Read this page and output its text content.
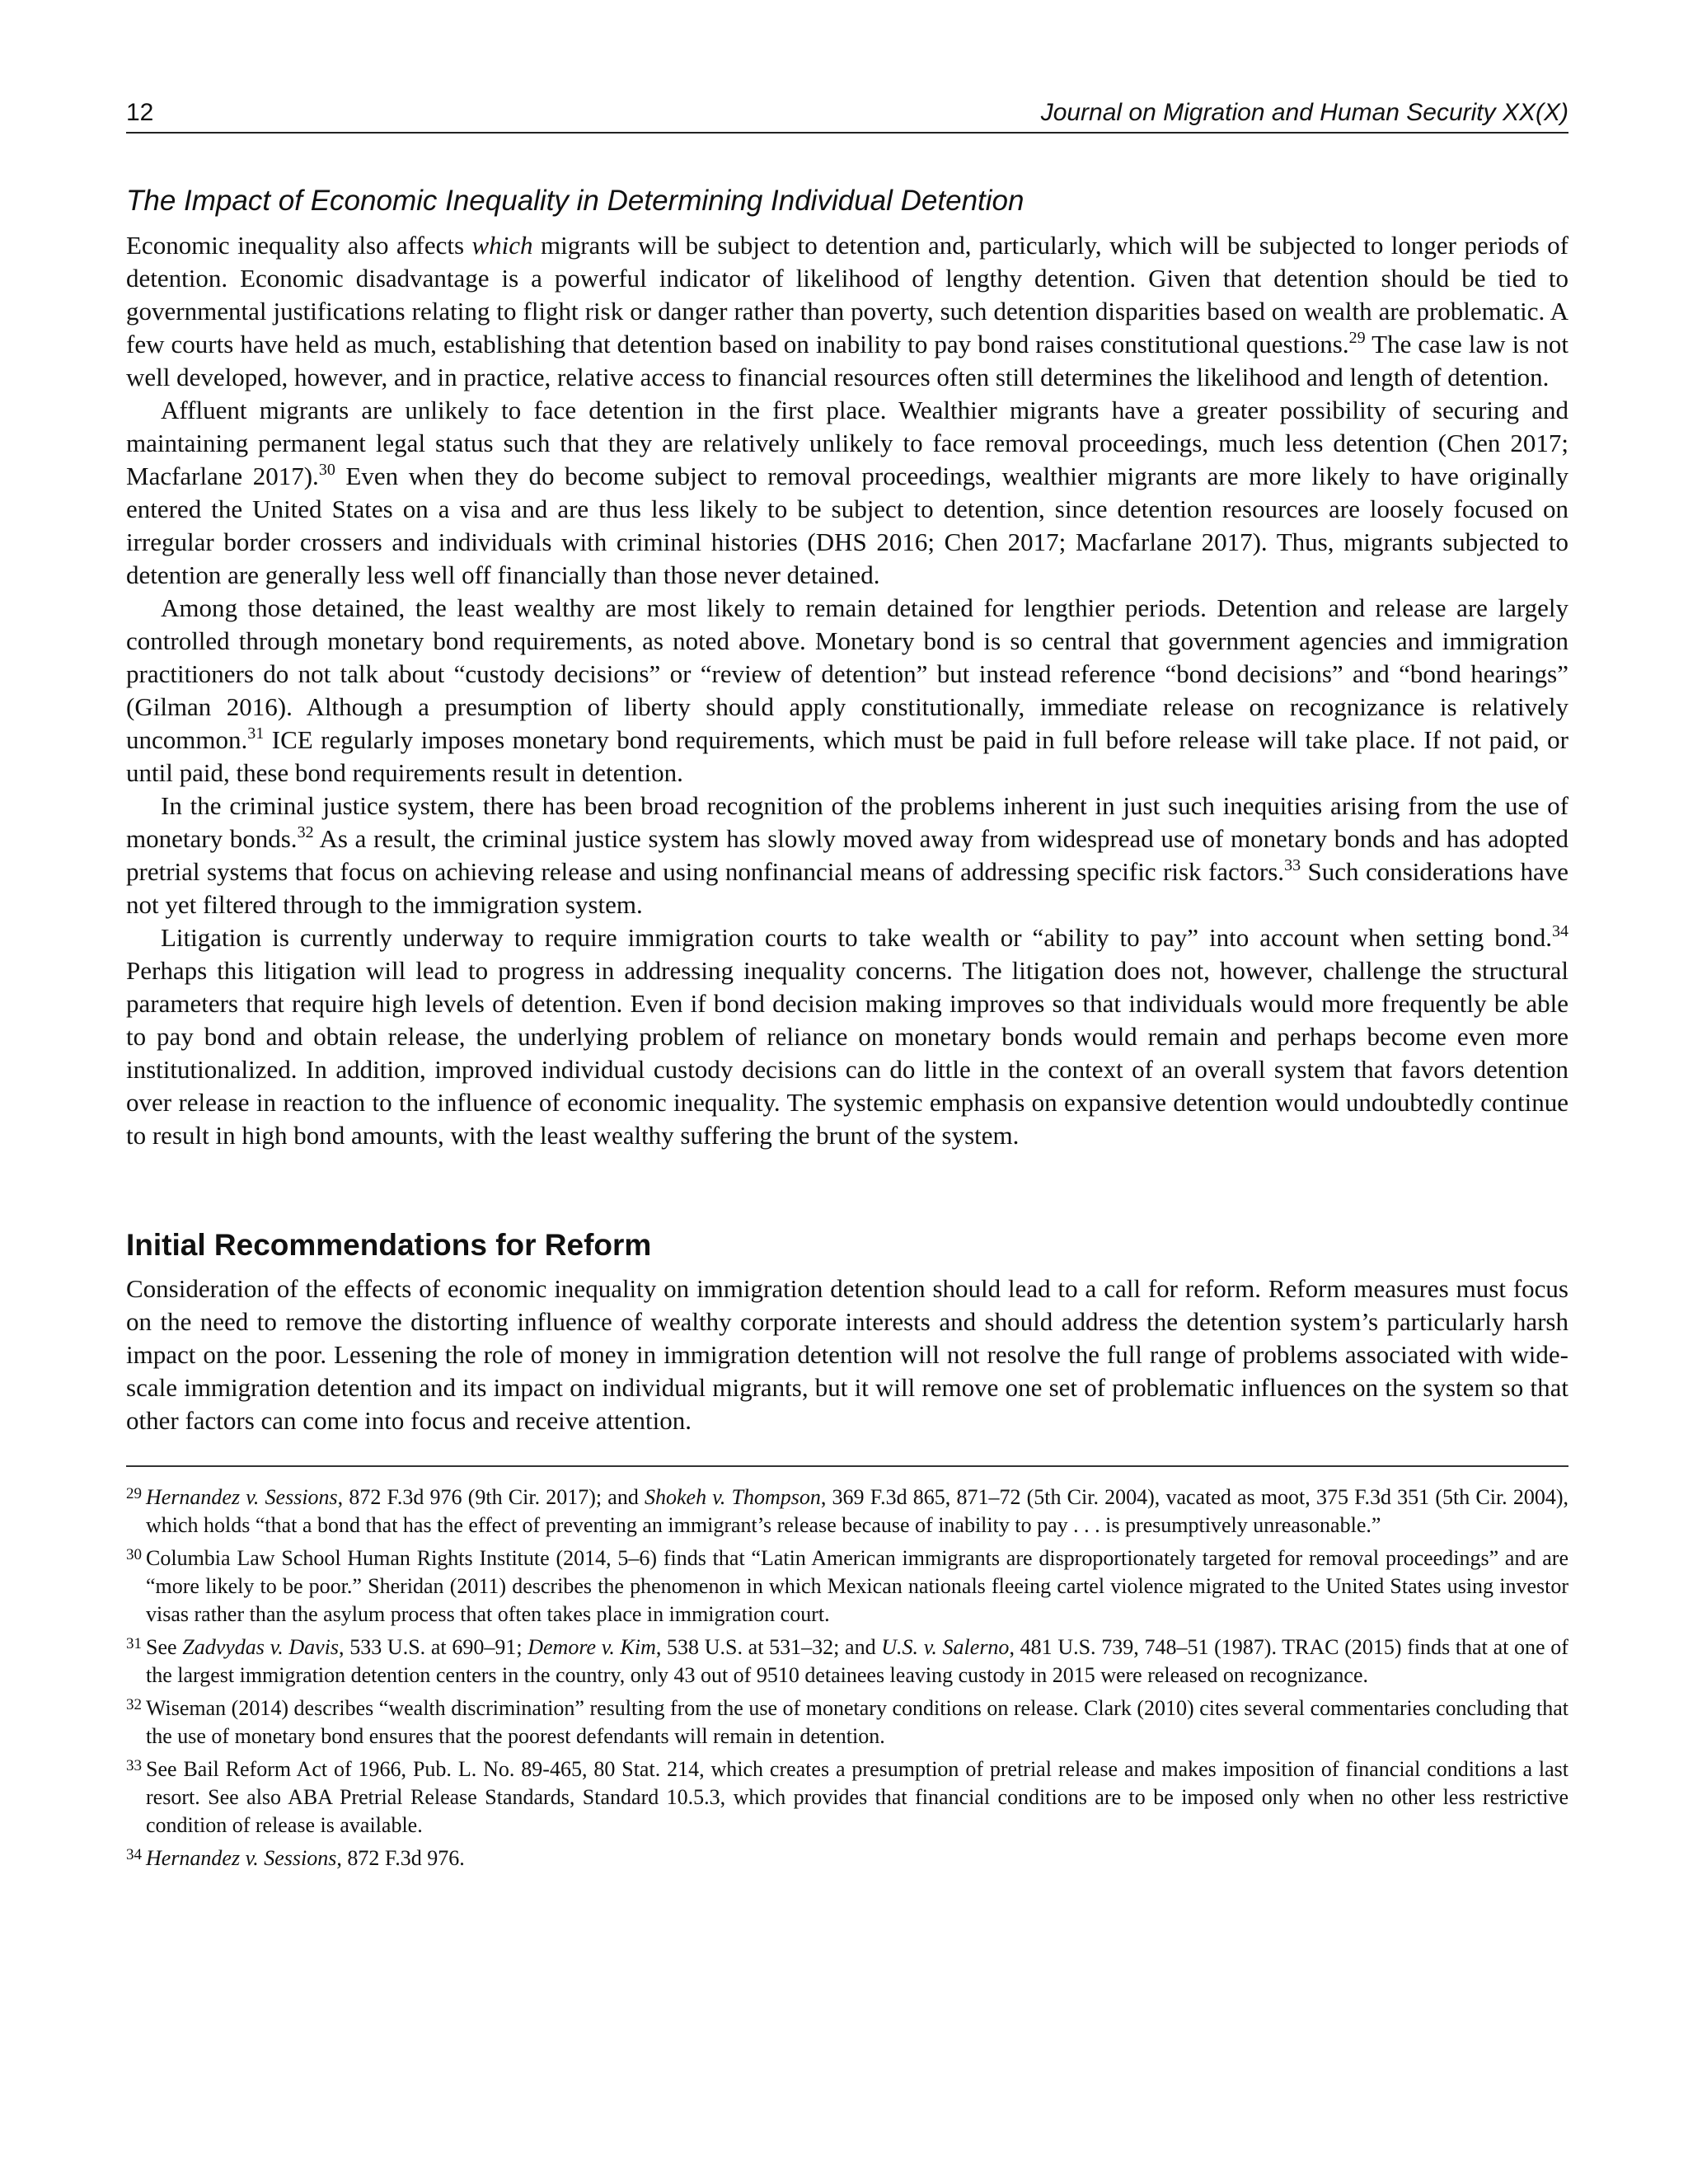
12	Journal on Migration and Human Security XX(X)
The Impact of Economic Inequality in Determining Individual Detention

Economic inequality also affects which migrants will be subject to detention and, particularly, which will be subjected to longer periods of detention. Economic disadvantage is a powerful indicator of likelihood of lengthy detention. Given that detention should be tied to governmental justifications relating to flight risk or danger rather than poverty, such detention disparities based on wealth are problematic. A few courts have held as much, establishing that detention based on inability to pay bond raises constitutional questions.$^{29}$ The case law is not well developed, however, and in practice, relative access to financial resources often still determines the likelihood and length of detention.

Affluent migrants are unlikely to face detention in the first place. Wealthier migrants have a greater possibility of securing and maintaining permanent legal status such that they are relatively unlikely to face removal proceedings, much less detention (Chen 2017; Macfarlane 2017).$^{30}$ Even when they do become subject to removal proceedings, wealthier migrants are more likely to have originally entered the United States on a visa and are thus less likely to be subject to detention, since detention resources are loosely focused on irregular border crossers and individuals with criminal histories (DHS 2016; Chen 2017; Macfarlane 2017). Thus, migrants subjected to detention are generally less well off financially than those never detained.

Among those detained, the least wealthy are most likely to remain detained for lengthier periods. Detention and release are largely controlled through monetary bond requirements, as noted above. Monetary bond is so central that government agencies and immigration practitioners do not talk about “custody decisions” or “review of detention” but instead reference “bond decisions” and “bond hearings” (Gilman 2016). Although a presumption of liberty should apply constitutionally, immediate release on recognizance is relatively uncommon.$^{31}$ ICE regularly imposes monetary bond requirements, which must be paid in full before release will take place. If not paid, or until paid, these bond requirements result in detention.

In the criminal justice system, there has been broad recognition of the problems inherent in just such inequities arising from the use of monetary bonds.$^{32}$ As a result, the criminal justice system has slowly moved away from widespread use of monetary bonds and has adopted pretrial systems that focus on achieving release and using nonfinancial means of addressing specific risk factors.$^{33}$ Such considerations have not yet filtered through to the immigration system.

Litigation is currently underway to require immigration courts to take wealth or “ability to pay” into account when setting bond.$^{34}$ Perhaps this litigation will lead to progress in addressing inequality concerns. The litigation does not, however, challenge the structural parameters that require high levels of detention. Even if bond decision making improves so that individuals would more frequently be able to pay bond and obtain release, the underlying problem of reliance on monetary bonds would remain and perhaps become even more institutionalized. In addition, improved individual custody decisions can do little in the context of an overall system that favors detention over release in reaction to the influence of economic inequality. The systemic emphasis on expansive detention would undoubtedly continue to result in high bond amounts, with the least wealthy suffering the brunt of the system.

Initial Recommendations for Reform

Consideration of the effects of economic inequality on immigration detention should lead to a call for reform. Reform measures must focus on the need to remove the distorting influence of wealthy corporate interests and should address the detention system’s particularly harsh impact on the poor. Lessening the role of money in immigration detention will not resolve the full range of problems associated with wide-scale immigration detention and its impact on individual migrants, but it will remove one set of problematic influences on the system so that other factors can come into focus and receive attention.

29 Hernandez v. Sessions, 872 F.3d 976 (9th Cir. 2017); and Shokeh v. Thompson, 369 F.3d 865, 871–72 (5th Cir. 2004), vacated as moot, 375 F.3d 351 (5th Cir. 2004), which holds “that a bond that has the effect of preventing an immigrant’s release because of inability to pay . . . is presumptively unreasonable.”
30 Columbia Law School Human Rights Institute (2014, 5–6) finds that “Latin American immigrants are disproportionately targeted for removal proceedings” and are “more likely to be poor.” Sheridan (2011) describes the phenomenon in which Mexican nationals fleeing cartel violence migrated to the United States using investor visas rather than the asylum process that often takes place in immigration court.
31 See Zadvydas v. Davis, 533 U.S. at 690–91; Demore v. Kim, 538 U.S. at 531–32; and U.S. v. Salerno, 481 U.S. 739, 748–51 (1987). TRAC (2015) finds that at one of the largest immigration detention centers in the country, only 43 out of 9510 detainees leaving custody in 2015 were released on recognizance.
32 Wiseman (2014) describes “wealth discrimination” resulting from the use of monetary conditions on release. Clark (2010) cites several commentaries concluding that the use of monetary bond ensures that the poorest defendants will remain in detention.
33 See Bail Reform Act of 1966, Pub. L. No. 89-465, 80 Stat. 214, which creates a presumption of pretrial release and makes imposition of financial conditions a last resort. See also ABA Pretrial Release Standards, Standard 10.5.3, which provides that financial conditions are to be imposed only when no other less restrictive condition of release is available.
34 Hernandez v. Sessions, 872 F.3d 976.
